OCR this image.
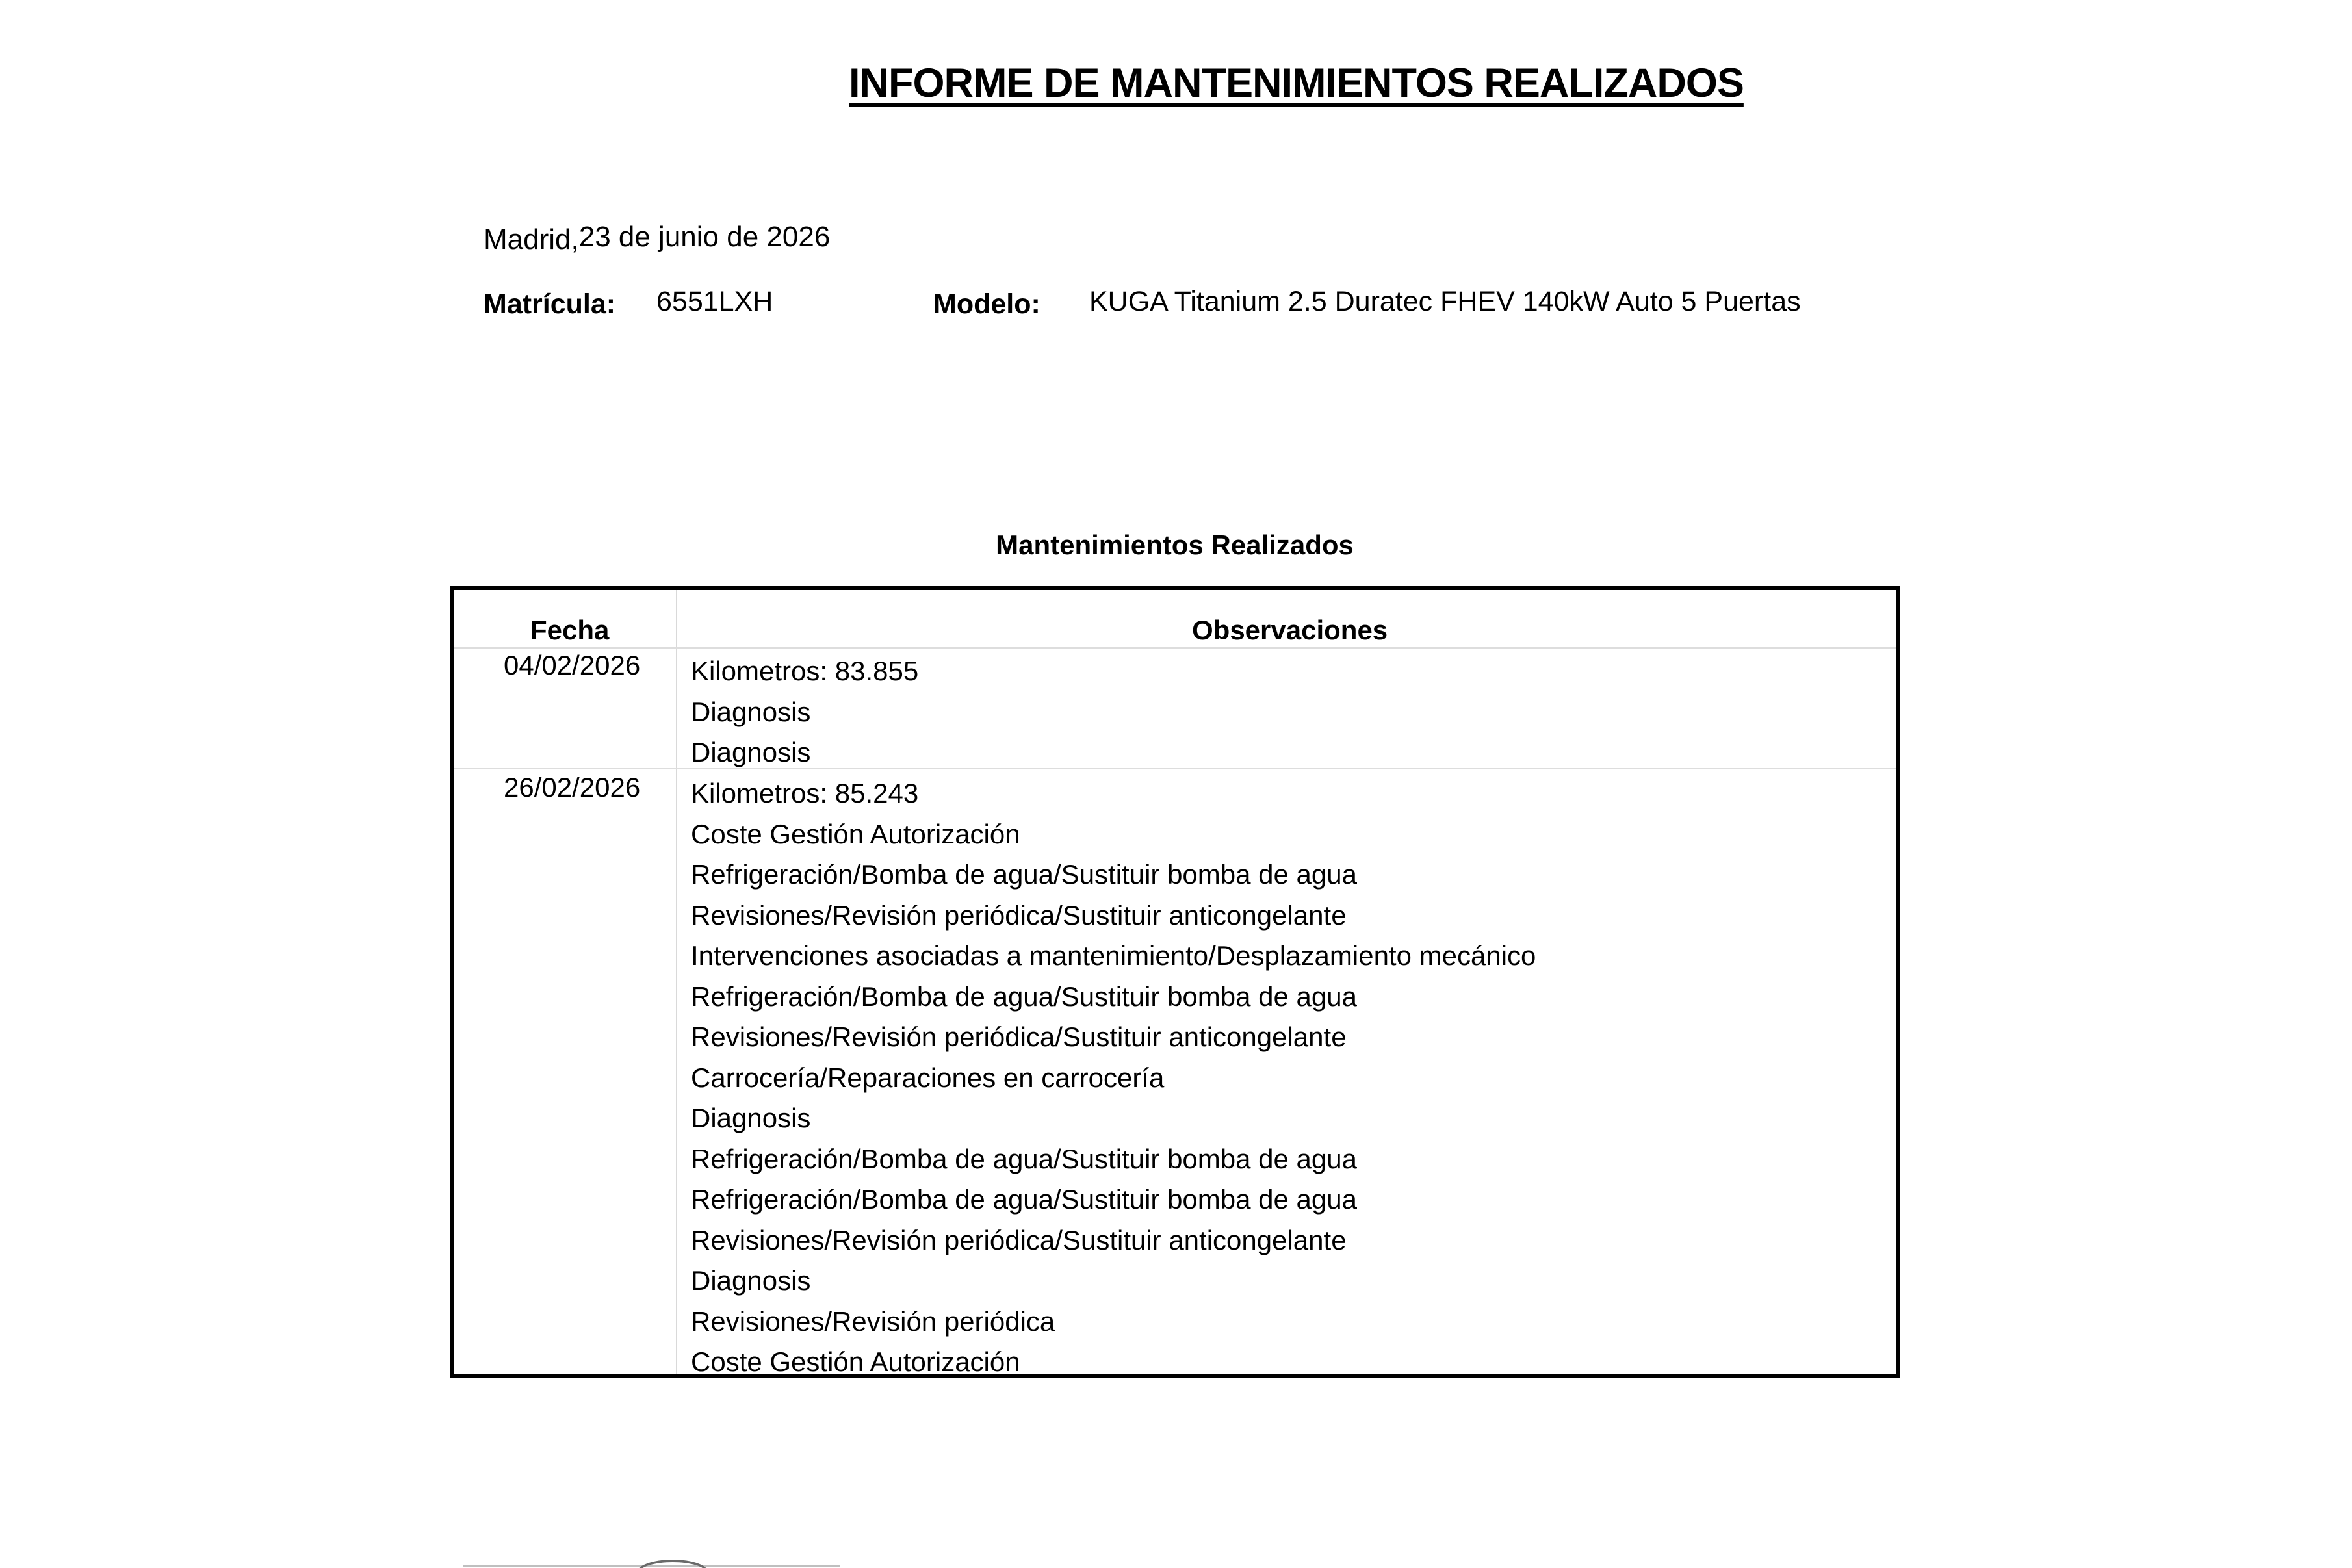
INFORME DE MANTENIMIENTOS REALIZADOS
Madrid,23 de junio de 2026
Matrícula: 6551LXH	Modelo: KUGA Titanium 2.5 Duratec FHEV 140kW Auto 5 Puertas
Mantenimientos Realizados
Fecha	Observaciones
04/02/2026 Kilometros: 83.855
Diagnosis
Diagnosis
26/02/2026 Kilometros: 85.243
Coste Gestión Autorización
Refrigeración/Bomba de agua/Sustituir bomba de agua
Revisiones/Revisión periódica/Sustituir anticongelante
Intervenciones asociadas a mantenimiento/Desplazamiento mecánico
Refrigeración/Bomba de agua/Sustituir bomba de agua
Revisiones/Revisión periódica/Sustituir anticongelante
Carrocería/Reparaciones en carrocería
Diagnosis
Refrigeración/Bomba de agua/Sustituir bomba de agua
Refrigeración/Bomba de agua/Sustituir bomba de agua
Revisiones/Revisión periódica/Sustituir anticongelante
Diagnosis
Revisiones/Revisión periódica
Coste Gestión Autorización
